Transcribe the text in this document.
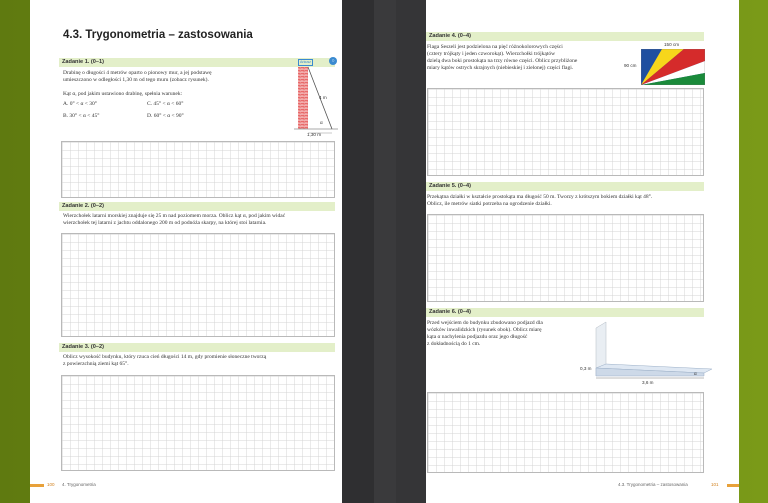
4.3. Trygonometria – zastosowania
Zadanie 1. (0–1)	Arkusz	○
Drabinę o długości 4 metrów oparto o pionowy mur, a jej podstawę
umieszczono w odległości 1,30 m od tego muru (zobacz rysunek).
Kąt α, pod jakim ustawiono drabinę, spełnia warunek:
A. 0° < α < 30°
B. 30° < α < 45°
C. 45° < α < 60°
D. 60° < α < 90°
4 m
1,30 m
α
Zadanie 2. (0–2)
Wierzchołek latarni morskiej znajduje się 25 m nad poziomem morza. Oblicz kąt α, pod jakim widać
wierzchołek tej latarni z jachtu oddalonego 200 m od podnóża skarpy, na której stoi latarnia.
Zadanie 3. (0–2)
Oblicz wysokość budynku, który rzuca cień długości 14 m, gdy promienie słoneczne tworzą
z powierzchnią ziemi kąt 65°.
100 4. Trygonometria
Zadanie 4. (0–4)
Flaga Seszeli jest podzielona na pięć różnokolorowych części
(cztery trójkąty i jeden czworokąt). Wierzchołki trójkątów
dzielą dwa boki prostokąta na trzy równe części. Oblicz przybliżone
miary kątów ostrych skrajnych (niebieskiej i zielonej) części flagi.
150 cm
90 cm
Zadanie 5. (0–4)
Przekątna działki w kształcie prostokąta ma długość 50 m. Tworzy z krótszym bokiem działki kąt 48°.
Oblicz, ile metrów siatki potrzeba na ogrodzenie działki.
Zadanie 6. (0–4)
Przed wejściem do budynku zbudowano podjazd dla
wózków inwalidzkich (rysunek obok). Oblicz miarę
kąta α nachylenia podjazdu oraz jego długość
z dokładnością do 1 cm.
0,3 m
3,6 m
α
4.3. Trygonometria – zastosowania	101
